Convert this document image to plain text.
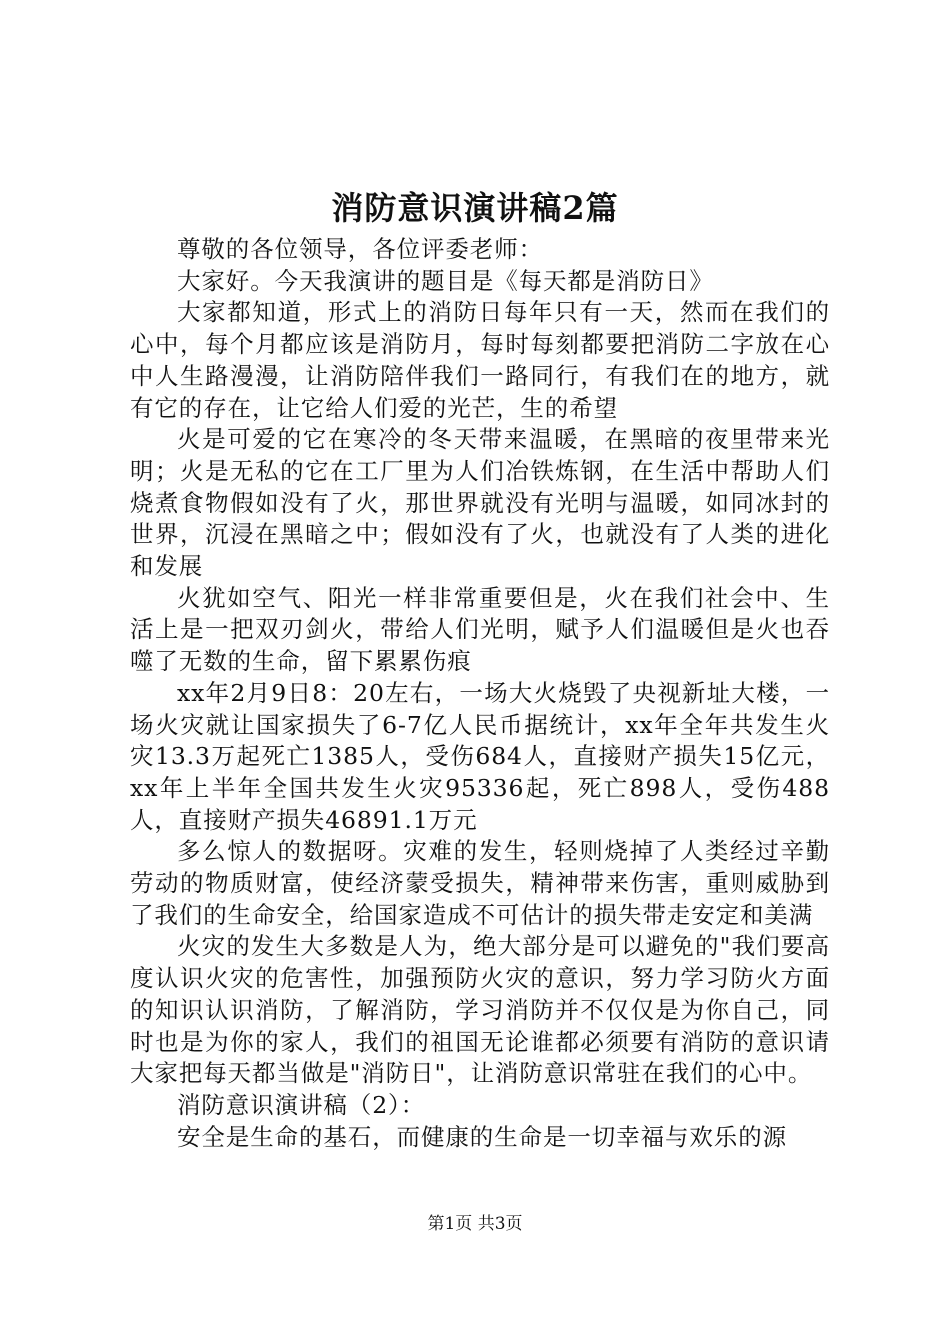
消防意识演讲稿2篇

尊敬的各位领导，各位评委老师：

大家好。今天我演讲的题目是《每天都是消防日》

大家都知道，形式上的消防日每年只有一天，然而在我们的心中，每个月都应该是消防月，每时每刻都要把消防二字放在心中人生路漫漫，让消防陪伴我们一路同行，有我们在的地方，就有它的存在，让它给人们爱的光芒，生的希望

火是可爱的它在寒冷的冬天带来温暖，在黑暗的夜里带来光明；火是无私的它在工厂里为人们冶铁炼钢，在生活中帮助人们烧煮食物假如没有了火，那世界就没有光明与温暖，如同冰封的世界，沉浸在黑暗之中；假如没有了火，也就没有了人类的进化和发展

火犹如空气、阳光一样非常重要但是，火在我们社会中、生活上是一把双刃剑火，带给人们光明，赋予人们温暖但是火也吞噬了无数的生命，留下累累伤痕

xx年2月9日8：20左右，一场大火烧毁了央视新址大楼，一场火灾就让国家损失了6-7亿人民币据统计，xx年全年共发生火灾13.3万起死亡1385人，受伤684人，直接财产损失15亿元，xx年上半年全国共发生火灾95336起，死亡898人，受伤488人，直接财产损失46891.1万元

多么惊人的数据呀。灾难的发生，轻则烧掉了人类经过辛勤劳动的物质财富，使经济蒙受损失，精神带来伤害，重则威胁到了我们的生命安全，给国家造成不可估计的损失带走安定和美满

火灾的发生大多数是人为，绝大部分是可以避免的"我们要高度认识火灾的危害性，加强预防火灾的意识，努力学习防火方面的知识认识消防，了解消防，学习消防并不仅仅是为你自己，同时也是为你的家人，我们的祖国无论谁都必须要有消防的意识请大家把每天都当做是"消防日"，让消防意识常驻在我们的心中。

消防意识演讲稿（2）：

安全是生命的基石，而健康的生命是一切幸福与欢乐的源

第1页 共3页
